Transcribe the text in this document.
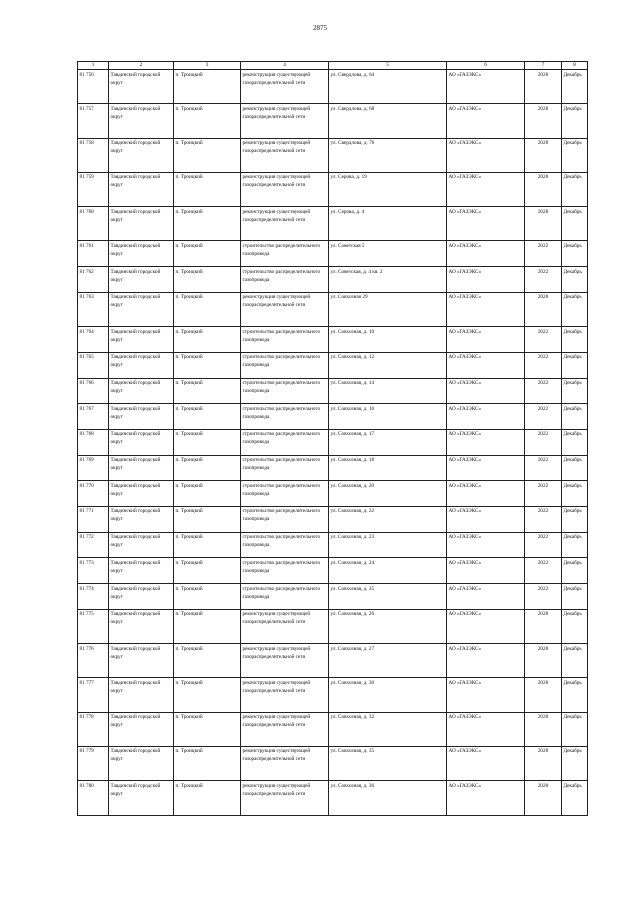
2875
1	2	3	4	5	6	7	8
81 756	Тавдинский городской округ	п. Троицкий	реконструкция существующей газораспределительной сети	ул. Свердлова, д. 64	АО «ГАЗЭКС»	2028	Декабрь
81 757	Тавдинский городской округ	п. Троицкий	реконструкция существующей газораспределительной сети	ул. Свердлова, д. 68	АО «ГАЗЭКС»	2028	Декабрь
81 758	Тавдинский городской округ	п. Троицкий	реконструкция существующей газораспределительной сети	ул. Свердлова, д. 76	АО «ГАЗЭКС»	2028	Декабрь
81 759	Тавдинский городской округ	п. Троицкий	реконструкция существующей газораспределительной сети	ул. Серова, д. 19	АО «ГАЗЭКС»	2028	Декабрь
81 760	Тавдинский городской округ	п. Троицкий	реконструкция существующей газораспределительной сети	ул. Серова, д. 4	АО «ГАЗЭКС»	2028	Декабрь
81 761	Тавдинский городской округ	п. Троицкий	строительство распределительного газопровода	ул. Советская 5	АО «ГАЗЭКС»	2022	Декабрь
81 762	Тавдинский городской округ	п. Троицкий	строительство распределительного газопровода	ул. Советская, д. 4 кв. 2	АО «ГАЗЭКС»	2022	Декабрь
81 763	Тавдинский городской округ	п. Троицкий	реконструкция существующей газораспределительной сети	ул. Совхозная 29	АО «ГАЗЭКС»	2028	Декабрь
81 764	Тавдинский городской округ	п. Троицкий	строительство распределительного газопровода	ул. Совхозная, д. 10	АО «ГАЗЭКС»	2022	Декабрь
81 765	Тавдинский городской округ	п. Троицкий	строительство распределительного газопровода	ул. Совхозная, д. 12	АО «ГАЗЭКС»	2022	Декабрь
81 766	Тавдинский городской округ	п. Троицкий	строительство распределительного газопровода	ул. Совхозная, д. 14	АО «ГАЗЭКС»	2022	Декабрь
81 767	Тавдинский городской округ	п. Троицкий	строительство распределительного газопровода	ул. Совхозная, д. 16	АО «ГАЗЭКС»	2022	Декабрь
81 768	Тавдинский городской округ	п. Троицкий	строительство распределительного газопровода	ул. Совхозная, д. 17	АО «ГАЗЭКС»	2022	Декабрь
81 769	Тавдинский городской округ	п. Троицкий	строительство распределительного газопровода	ул. Совхозная, д. 18	АО «ГАЗЭКС»	2022	Декабрь
81 770	Тавдинский городской округ	п. Троицкий	строительство распределительного газопровода	ул. Совхозная, д. 20	АО «ГАЗЭКС»	2022	Декабрь
81 771	Тавдинский городской округ	п. Троицкий	строительство распределительного газопровода	ул. Совхозная, д. 22	АО «ГАЗЭКС»	2022	Декабрь
81 772	Тавдинский городской округ	п. Троицкий	строительство распределительного газопровода	ул. Совхозная, д. 23	АО «ГАЗЭКС»	2022	Декабрь
81 773	Тавдинский городской округ	п. Троицкий	строительство распределительного газопровода	ул. Совхозная, д. 24	АО «ГАЗЭКС»	2022	Декабрь
81 774	Тавдинский городской округ	п. Троицкий	строительство распределительного газопровода	ул. Совхозная, д. 25	АО «ГАЗЭКС»	2022	Декабрь
81 775	Тавдинский городской округ	п. Троицкий	реконструкция существующей газораспределительной сети	ул. Совхозная, д. 26	АО «ГАЗЭКС»	2028	Декабрь
81 776	Тавдинский городской округ	п. Троицкий	реконструкция существующей газораспределительной сети	ул. Совхозная, д. 27	АО «ГАЗЭКС»	2028	Декабрь
81 777	Тавдинский городской округ	п. Троицкий	реконструкция существующей газораспределительной сети	ул. Совхозная, д. 30	АО «ГАЗЭКС»	2028	Декабрь
81 778	Тавдинский городской округ	п. Троицкий	реконструкция существующей газораспределительной сети	ул. Совхозная, д. 32	АО «ГАЗЭКС»	2028	Декабрь
81 779	Тавдинский городской округ	п. Троицкий	реконструкция существующей газораспределительной сети	ул. Совхозная, д. 35	АО «ГАЗЭКС»	2028	Декабрь
81 780	Тавдинский городской округ	п. Троицкий	реконструкция существующей газораспределительной сети	ул. Совхозная, д. 36	АО «ГАЗЭКС»	2028	Декабрь
